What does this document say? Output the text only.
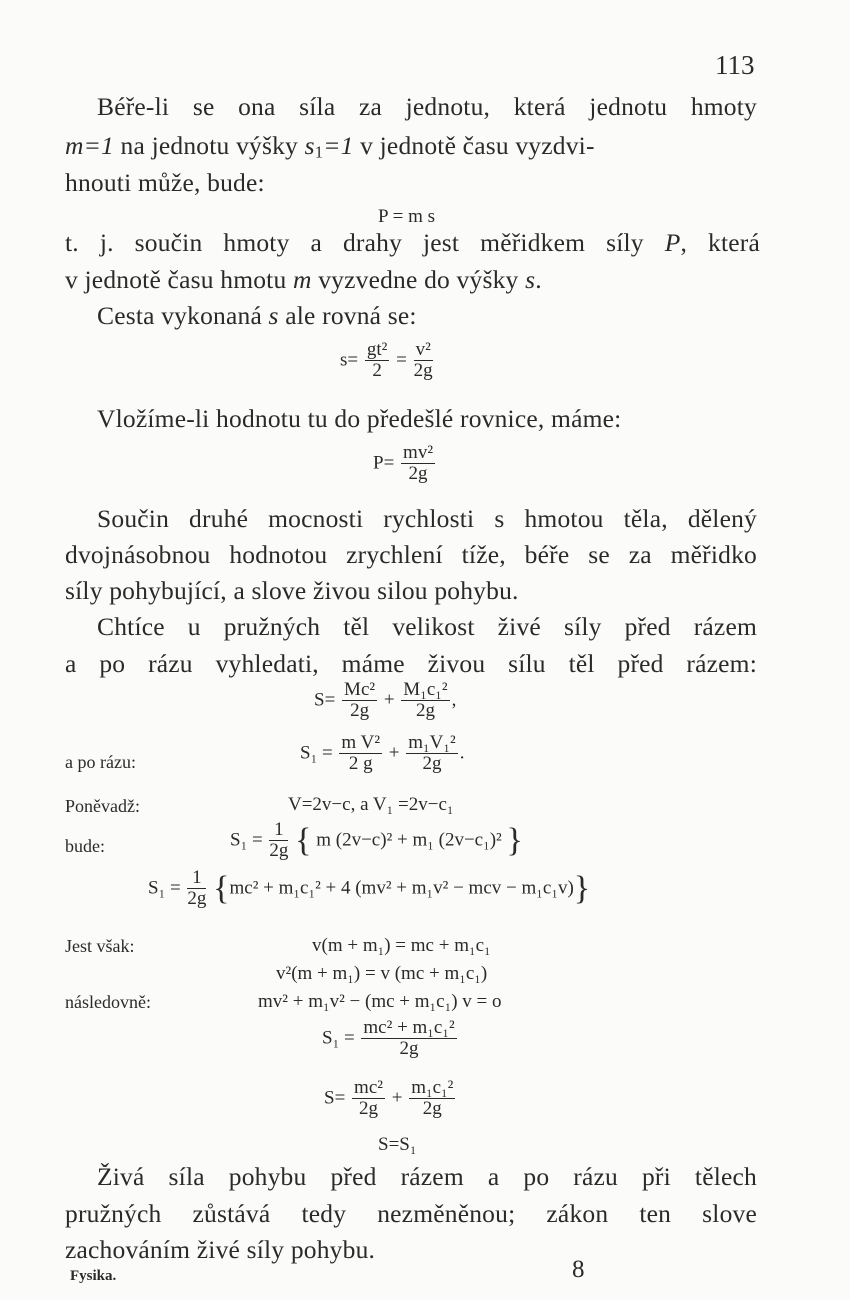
113
Béře-li se ona síla za jednotu, která jednotu hmoty
m=1 na jednotu výšky $s_1=1$ v jednotě času vyzdvi-
hnouti může, bude:
P = m s
t. j. součin hmoty a drahy jest měřidkem síly P, která
v jednotě času hmotu m vyzvedne do výšky s.
Cesta vykonaná s ale rovná se:
$s= \frac{\text{gt²}}{2} = \frac{\text{v²}}{2g}$
Vložíme-li hodnotu tu do předešlé rovnice, máme:
$P= \frac{\text{mv²}}{2g}$
Součin druhé mocnosti rychlosti s hmotou těla, dělený
dvojnásobnou hodnotou zrychlení tíže, béře se za měřidko
síly pohybující, a slove živou silou pohybu.
Chtíce u pružných těl velikost živé síly před rázem
a po rázu vyhledati, máme živou sílu těl před rázem:
$S= \frac{\text{Mc²}}{2g} + \frac{\text{M₁c₁²}}{2g}$ ,
a po rázu:	$S_1 = \frac{\text{m V²}}{2 g} + \frac{\text{m₁V₁²}}{2g}$ .
Poněvadž:	V=2v−c, a V₁ =2v−c₁
bude:	$S_1 = \frac{1}{2g}$ { m (2v−c)² + m₁ (2v−c₁)² }
$S_1 = \frac{1}{2g} \{mc^2 + m_1c_1^2 + 4$ (mv² + m₁v² − mcv − m₁c₁v)}
Jest však:	v(m + m₁) = mc + m₁c₁
v²(m + m₁) = v (mc + m₁c₁)
následovně:	mv² + m₁v² − (mc + m₁c₁) v = o
$S_1 = \frac{\text{mc² + m₁c₁²}}{2g}$
$S= \frac{\text{mc²}}{2g} + \frac{\text{m₁c₁²}}{2g}$
S=S₁
Živá síla pohybu před rázem a po rázu při tělech
pružných zůstává tedy nezměněnou; zákon ten slove
zachováním živé síly pohybu.
Fysika.	8
